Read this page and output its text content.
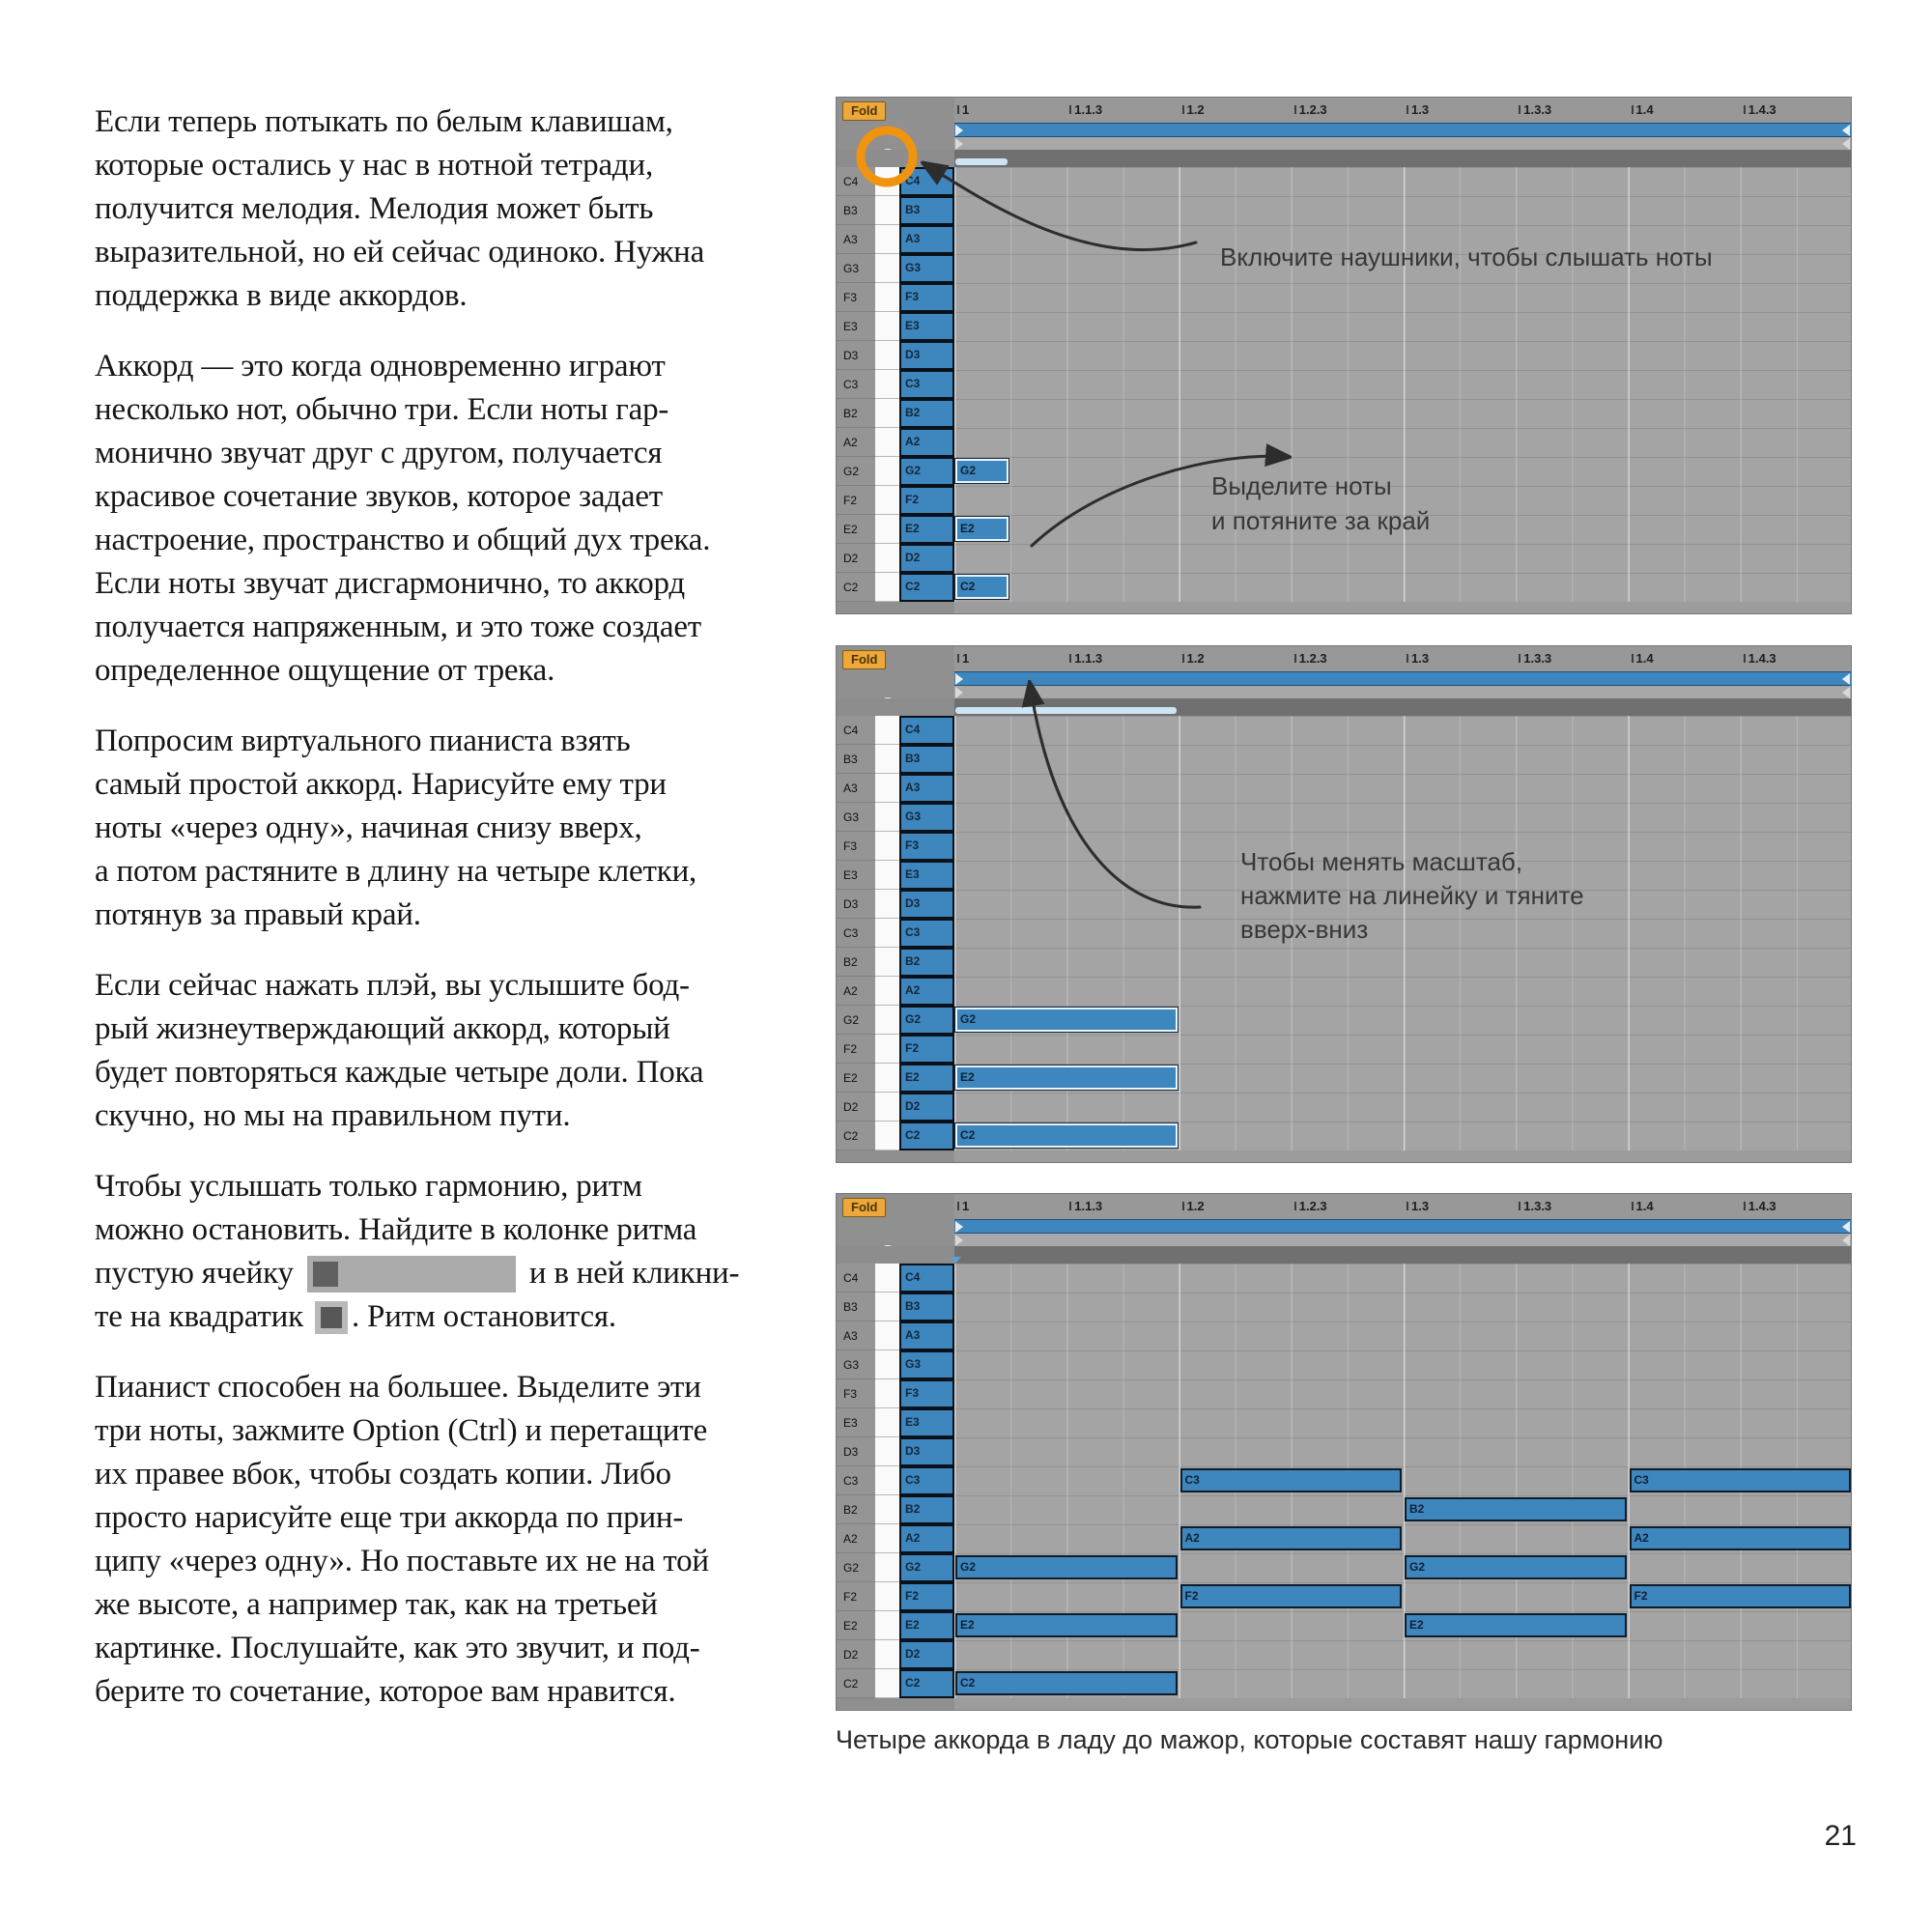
Если теперь потыкать по белым клавишам,
которые остались у нас в нотной тетради,
получится мелодия. Мелодия может быть
выразительной, но ей сейчас одиноко. Нужна
поддержка в виде аккордов.
Аккорд — это когда одновременно играют
несколько нот, обычно три. Если ноты гар-
монично звучат друг с другом, получается
красивое сочетание звуков, которое задает
настроение, пространство и общий дух трека.
Если ноты звучат дисгармонично, то аккорд
получается напряженным, и это тоже создает
определенное ощущение от трека.
Попросим виртуального пианиста взять
самый простой аккорд. Нарисуйте ему три
ноты «через одну», начиная снизу вверх,
а потом растяните в длину на четыре клетки,
потянув за правый край.
Если сейчас нажать плэй, вы услышите бод-
рый жизнеутверждающий аккорд, который
будет повторяться каждые четыре доли. Пока
скучно, но мы на правильном пути.
Чтобы услышать только гармонию, ритм
можно остановить. Найдите в колонке ритма
пустую ячейку	и в ней кликни-
те на квадратик
. Ритм остановится.
Пианист способен на большее. Выделите эти
три ноты, зажмите Option (Ctrl) и перетащите
их правее вбок, чтобы создать копии. Либо
просто нарисуйте еще три аккорда по прин-
ципу «через одну». Но поставьте их не на той
же высоте, а например так, как на третьей
картинке. Послушайте, как это звучит, и под-
берите то сочетание, которое вам нравится.
Fold	1	1.1.3	1.2	1.2.3	1.3	1.3.3	1.4	1.4.3
C4
B3
A3
G3
F3
E3
D3
C3
B2
A2
G2
F2
E2
D2
C2
C4
B3
A3
G3
F3
E3
D3
C3
B2
A2
G2
F2
E2
D2
C2
G2
E2
C2
Включите наушники, чтобы слышать ноты
Выделите ноты
и потяните за край
Fold	1	1.1.3	1.2	1.2.3	1.3	1.3.3	1.4	1.4.3
C4
B3
A3
G3
F3
E3
D3
C3
B2
A2
G2
F2
E2
D2
C2
C4
B3
A3
G3
F3
E3
D3
C3
B2
A2
G2
F2
E2
D2
C2
G2
E2
C2
Чтобы менять масштаб,
нажмите на линейку и тяните
вверх-вниз
Fold	1	1.1.3	1.2	1.2.3	1.3	1.3.3	1.4	1.4.3
C4
B3
A3
G3
F3
E3
D3
C3
B2
A2
G2
F2
E2
D2
C2
C4
B3
A3
G3
F3
E3
D3
C3
B2
A2
G2
F2
E2
D2
C2
G2
E2
C2
C3
A2
F2
B2
G2
E2
C3
A2
F2
Четыре аккорда в ладу до мажор, которые составят нашу гармонию
21
